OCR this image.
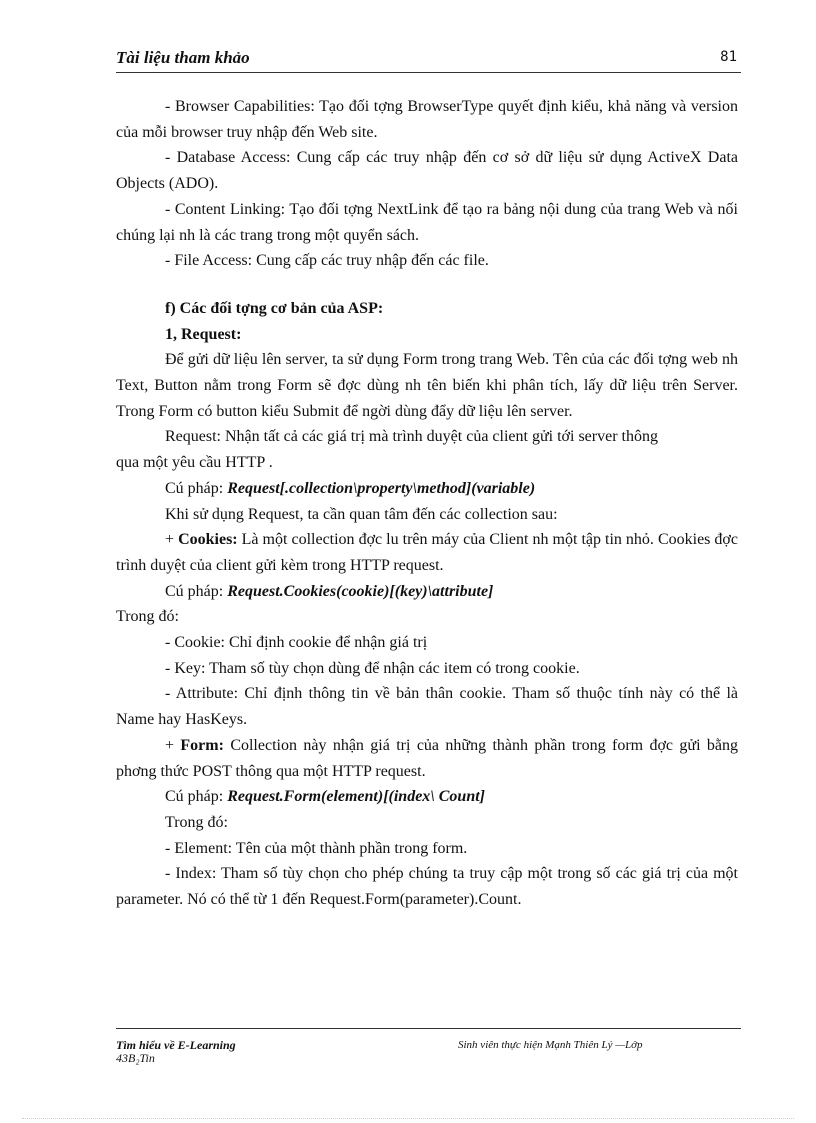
Tài liệu tham khảo	81

- Browser Capabilities: Tạo đối tợng BrowserType quyết định kiểu, khả năng và version của mỗi browser truy nhập đến Web site.

- Database Access: Cung cấp các truy nhập đến cơ sở dữ liệu sử dụng ActiveX Data Objects (ADO).

- Content Linking: Tạo đối tợng NextLink để tạo ra bảng nội dung của trang Web và nối chúng lại nh là các trang trong một quyển sách.

- File Access: Cung cấp các truy nhập đến các file.

f) Các đối tợng cơ bản của ASP:

1, Request:

Để gửi dữ liệu lên server, ta sử dụng Form trong trang Web. Tên của các đối tợng web nh Text, Button nằm trong Form sẽ đợc dùng nh tên biến khi phân tích, lấy dữ liệu trên Server. Trong Form có button kiểu Submit để ngời dùng đẩy dữ liệu lên server.

Request: Nhận tất cả các giá trị mà trình duyệt của client gửi tới server thông

qua một yêu cầu HTTP .

Cú pháp: Request[.collection\property\method](variable)

Khi sử dụng Request, ta cần quan tâm đến các collection sau:

+ Cookies: Là một collection đợc lu trên máy của Client nh một tập tin nhỏ. Cookies đợc trình duyệt của client gửi kèm trong HTTP request.

Cú pháp: Request.Cookies(cookie)[(key)\attribute]

Trong đó:

- Cookie: Chỉ định cookie để nhận giá trị

- Key: Tham số tùy chọn dùng để nhận các item có trong cookie.

- Attribute: Chỉ định thông tin về bản thân cookie. Tham số thuộc tính này có thể là Name hay HasKeys.

+ Form: Collection này nhận giá trị của những thành phần trong form đợc gửi bằng phơng thức POST thông qua một HTTP request.

Cú pháp: Request.Form(element)[(index\ Count]

Trong đó:

- Element: Tên của một thành phần trong form.

- Index: Tham số tùy chọn cho phép chúng ta truy cập một trong số các giá trị của một parameter. Nó có thể từ 1 đến Request.Form(parameter).Count.

Tìm hiểu về E-Learning
43B₂Tin
Sinh viên thực hiện Mạnh Thiên Lý —Lớp
